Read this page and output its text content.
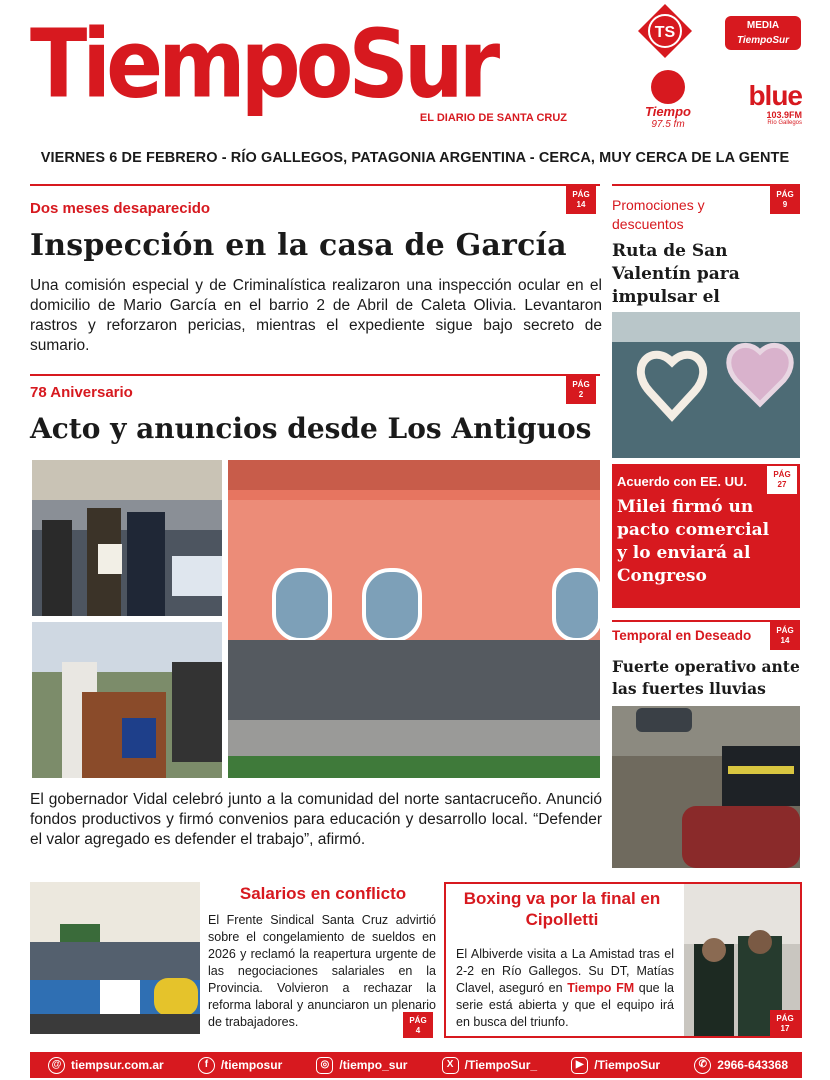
TiempoSur
EL DIARIO DE SANTA CRUZ
TS	MEDIA
TiempoSur
Tiempo
97.5 fm
blue
103.9FM
Río Gallegos
VIERNES 6 DE FEBRERO - RÍO GALLEGOS, PATAGONIA ARGENTINA - CERCA, MUY CERCA DE LA GENTE
PÁG
14
Dos meses desaparecido
Inspección en la casa de García
Una comisión especial y de Criminalística realizaron una inspección ocular en el domicilio de Mario García en el barrio 2 de Abril de Caleta Olivia. Levantaron rastros y reforzaron pericias, mientras el expediente sigue bajo secreto de sumario.
PÁG
2
78 Aniversario
Acto y anuncios desde Los Antiguos
El gobernador Vidal celebró junto a la comunidad del norte santacruceño. Anunció fondos productivos y firmó convenios para educación y desarrollo local. “Defender el valor agregado es defender el trabajo”, afirmó.
PÁG
9
Promociones y descuentos
Ruta de San Valentín para impulsar el
PÁG
27
Acuerdo con EE. UU.
Milei firmó un pacto comercial y lo enviará al Congreso
PÁG
14
Temporal en Deseado
Fuerte operativo ante las fuertes lluvias
Salarios en conflicto
El Frente Sindical Santa Cruz advirtió sobre el congelamiento de sueldos en 2026 y reclamó la reapertura urgente de las negociaciones salariales en la Provincia. Volvieron a rechazar la reforma laboral y anunciaron un plenario de trabajadores.	PÁG
4
Boxing va por la final en Cipolletti
El Albiverde visita a La Amistad tras el 2-2 en Río Gallegos. Su DT, Matías Clavel, aseguró en Tiempo FM que la serie está abierta y que el equipo irá en busca del triunfo.	PÁG
17
@ tiempsur.com.ar	f	/tiemposur	◎ /tiempo_sur	X /TiempoSur_	▶ /TiempoSur	✆ 2966-643368
